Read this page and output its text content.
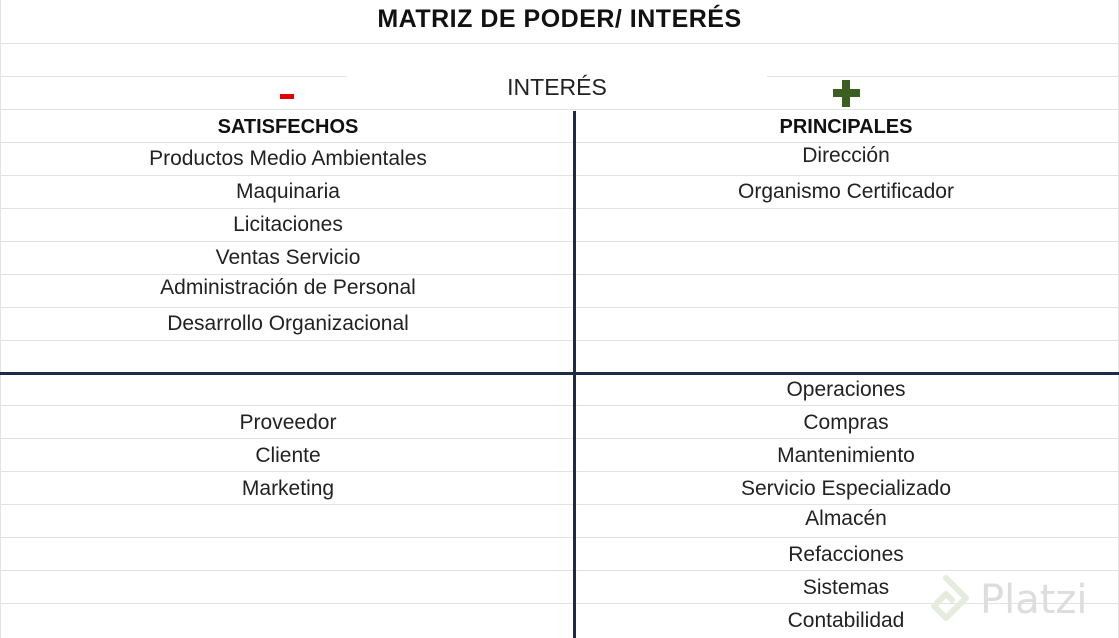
MATRIZ DE PODER/ INTERÉS
INTERÉS
SATISFECHOS
Productos Medio Ambientales
Maquinaria
Licitaciones
Ventas Servicio
Administración de Personal
Desarrollo Organizacional
PRINCIPALES
Dirección
Organismo Certificador
Proveedor
Cliente
Marketing
Operaciones
Compras
Mantenimiento
Servicio Especializado
Almacén
Refacciones
Sistemas
Contabilidad	Platzi
